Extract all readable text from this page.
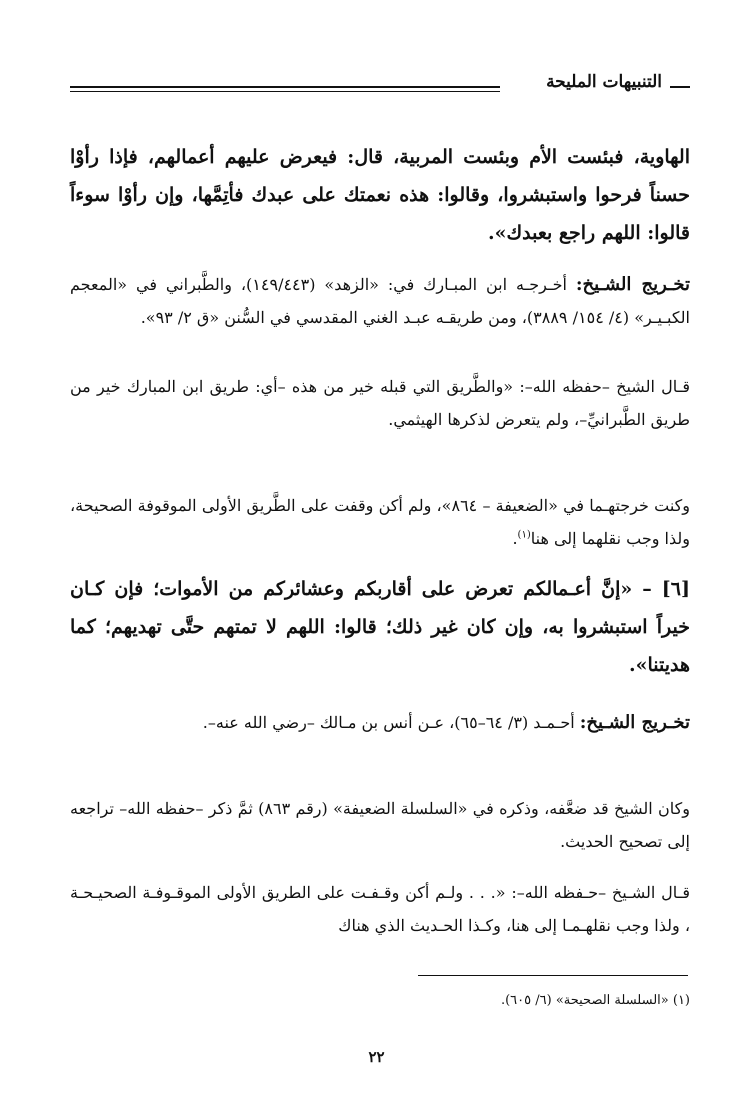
التنبيهات المليحة
الهاوية، فبئست الأم وبئست المربية، قال: فيعرض عليهم أعمالهم، فإذا رأوْا حسناً فرحوا واستبشروا، وقالوا: هذه نعمتك على عبدك فأتِمَّها، وإن رأوْا سوءاً قالوا: اللهم راجع بعبدك».
تخـريج الشـيخ: أخـرجـه ابن المبـارك في: «الزهد» (١٤٩/٤٤٣)، والطَّبراني في «المعجم الكبـيـر» (٤/ ١٥٤/ ٣٨٨٩)، ومن طريقـه عبـد الغني المقدسي في السُّنن «ق ٢/ ٩٣».
قـال الشيخ –حفظه الله–: «والطَّريق التي قبله خير من هذه –أي: طريق ابن المبارك خير من طريق الطَّبرانيِّ–، ولم يتعرض لذكرها الهيثمي.
وكنت خرجتهـما في «الضعيفة – ٨٦٤»، ولم أكن وقفت على الطَّريق الأولى الموقوفة الصحيحة، ولذا وجب نقلهما إلى هنا$^{(١)}$.
[٦] – «إنَّ أعـمالكم تعرض على أقاربكم وعشائركم من الأموات؛ فإن كـان خيراً استبشروا به، وإن كان غير ذلك؛ قالوا: اللهم لا تمتهم حتَّى تهديهم؛ كما هديتنا».
تخـريج الشـيخ: أحـمـد (٣/ ٦٤–٦٥)، عـن أنس بن مـالك –رضي الله عنه–.
وكان الشيخ قد ضعَّفه، وذكره في «السلسلة الضعيفة» (رقم ٨٦٣) ثمَّ ذكر –حفظه الله– تراجعه إلى تصحيح الحديث.
قـال الشـيخ –حـفظه الله–: «. . . ولـم أكن وقـفـت على الطريق الأولى الموقـوفـة الصحيـحـة ، ولذا وجب نقلهـمـا إلى هنا، وكـذا الحـديث الذي هناك
(١) «السلسلة الصحيحة» (٦/ ٦٠٥).
٢٢
